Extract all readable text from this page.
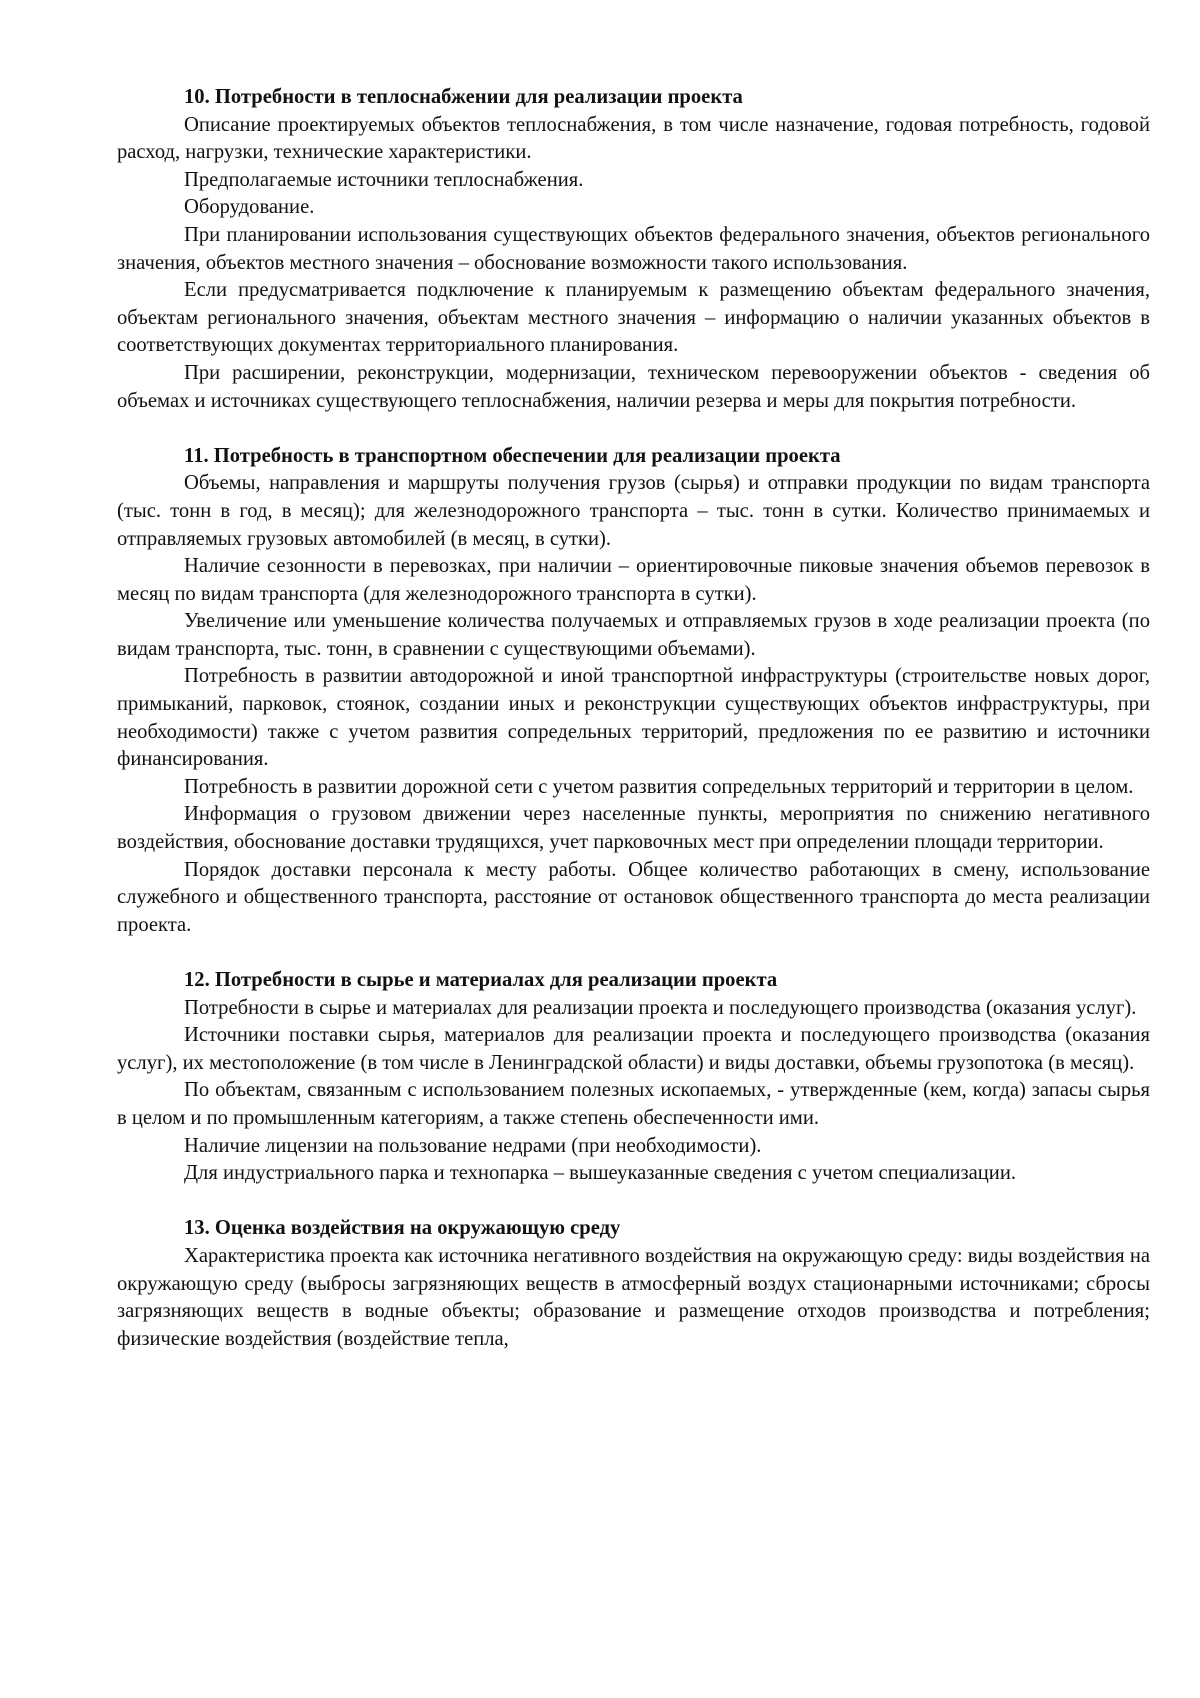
10. Потребности в теплоснабжении для реализации проекта

Описание проектируемых объектов теплоснабжения, в том числе назначение, годовая потребность, годовой расход, нагрузки, технические характеристики.

Предполагаемые источники теплоснабжения.

Оборудование.

При планировании использования существующих объектов федерального значения, объектов регионального значения, объектов местного значения – обоснование возможности такого использования.

Если предусматривается подключение к планируемым к размещению объектам федерального значения, объектам регионального значения, объектам местного значения – информацию о наличии указанных объектов в соответствующих документах территориального планирования.

При расширении, реконструкции, модернизации, техническом перевооружении объектов - сведения об объемах и источниках существующего теплоснабжения, наличии резерва и меры для покрытия потребности.

11. Потребность в транспортном обеспечении для реализации проекта

Объемы, направления и маршруты получения грузов (сырья) и отправки продукции по видам транспорта (тыс. тонн в год, в месяц); для железнодорожного транспорта – тыс. тонн в сутки. Количество принимаемых и отправляемых грузовых автомобилей (в месяц, в сутки).

Наличие сезонности в перевозках, при наличии – ориентировочные пиковые значения объемов перевозок в месяц по видам транспорта (для железнодорожного транспорта в сутки).

Увеличение или уменьшение количества получаемых и отправляемых грузов в ходе реализации проекта (по видам транспорта, тыс. тонн, в сравнении с существующими объемами).

Потребность в развитии автодорожной и иной транспортной инфраструктуры (строительстве новых дорог, примыканий, парковок, стоянок, создании иных и реконструкции существующих объектов инфраструктуры, при необходимости) также с учетом развития сопредельных территорий, предложения по ее развитию и источники финансирования.

Потребность в развитии дорожной сети с учетом развития сопредельных территорий и территории в целом.

Информация о грузовом движении через населенные пункты, мероприятия по снижению негативного воздействия, обоснование доставки трудящихся, учет парковочных мест при определении площади территории.

Порядок доставки персонала к месту работы. Общее количество работающих в смену, использование служебного и общественного транспорта, расстояние от остановок общественного транспорта до места реализации проекта.

12. Потребности в сырье и материалах для реализации проекта

Потребности в сырье и материалах для реализации проекта и последующего производства (оказания услуг).

Источники поставки сырья, материалов для реализации проекта и последующего производства (оказания услуг), их местоположение (в том числе в Ленинградской области) и виды доставки, объемы грузопотока (в месяц).

По объектам, связанным с использованием полезных ископаемых, - утвержденные (кем, когда) запасы сырья в целом и по промышленным категориям, а также степень обеспеченности ими.

Наличие лицензии на пользование недрами (при необходимости).

Для индустриального парка и технопарка – вышеуказанные сведения с учетом специализации.

13. Оценка воздействия на окружающую среду

Характеристика проекта как источника негативного воздействия на окружающую среду: виды воздействия на окружающую среду (выбросы загрязняющих веществ в атмосферный воздух стационарными источниками; сбросы загрязняющих веществ в водные объекты; образование и размещение отходов производства и потребления; физические воздействия (воздействие тепла,
